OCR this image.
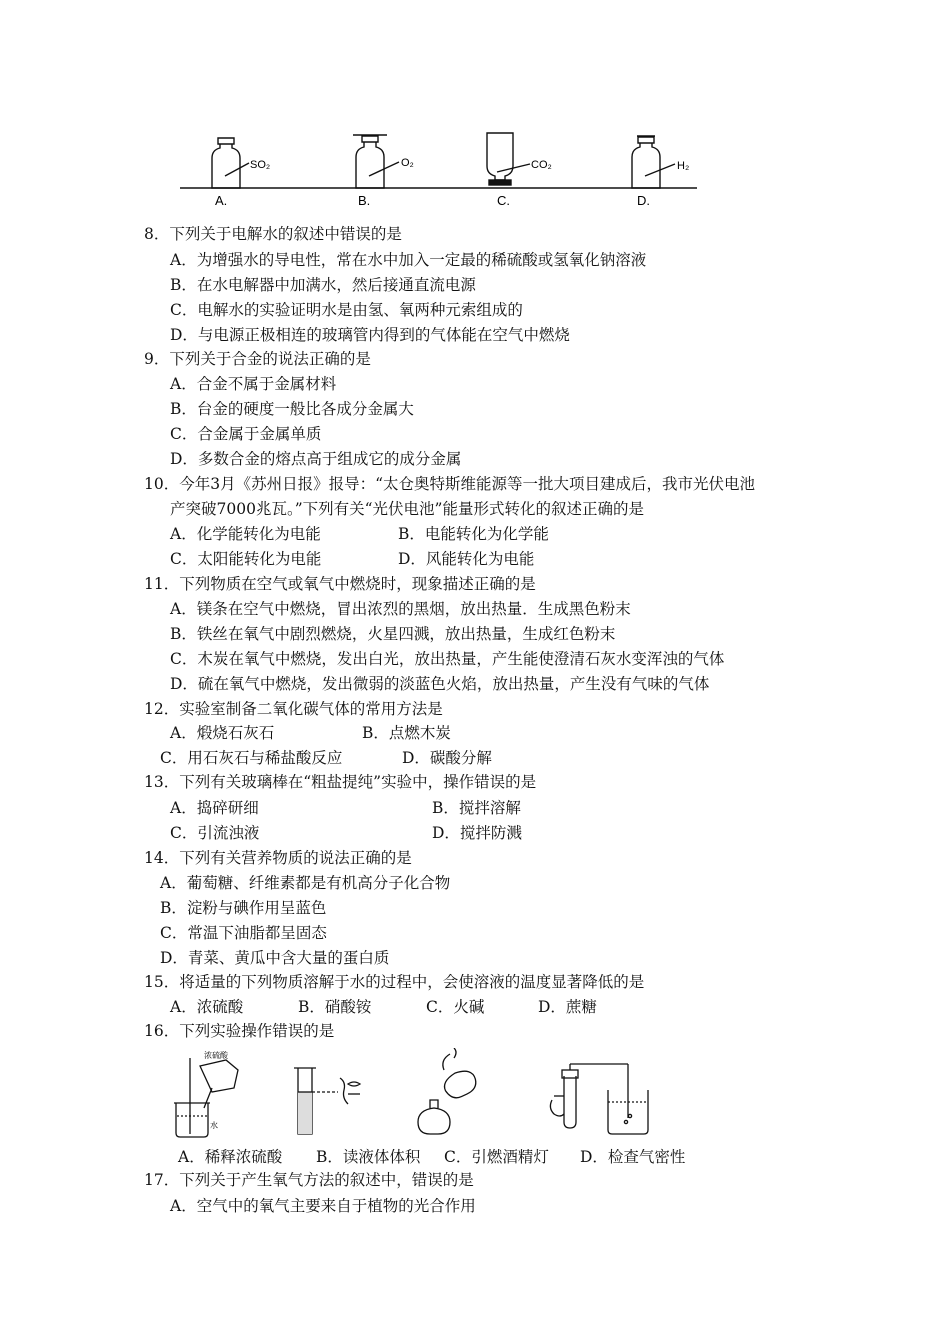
SO₂
A.
O₂
B.
CO₂
C.
H₂
D.
8．下列关于电解水的叙述中错误的是
A．为增强水的导电性，常在水中加入一定最的稀硫酸或氢氧化钠溶液
B．在水电解器中加满水，然后接通直流电源
C．电解水的实验证明水是由氢、氧两种元索组成的
D．与电源正极相连的玻璃管内得到的气体能在空气中燃烧
9．下列关于合金的说法正确的是
A．合金不属于金属材料
B．台金的硬度一般比各成分金属大
C．合金属于金属单质
D．多数合金的熔点高于组成它的成分金属
10．今年3月《苏州日报》报导：“太仓奥特斯维能源等一批大项目建成后，我市光伏电池
产突破7000兆瓦。”下列有关“光伏电池”能量形式转化的叙述正确的是
A．化学能转化为电能	B．电能转化为化学能
C．太阳能转化为电能	D．风能转化为电能
11．下列物质在空气或氧气中燃烧时，现象描述正确的是
A．镁条在空气中燃烧，冒出浓烈的黑烟，放出热量．生成黑色粉末
B．铁丝在氧气中剧烈燃烧，火星四溅，放出热量，生成红色粉末
C．木炭在氧气中燃烧，发出白光，放出热量，产生能使澄清石灰水变浑浊的气体
D．硫在氧气中燃烧，发出微弱的淡蓝色火焰，放出热量，产生没有气味的气体
12．实验室制备二氧化碳气体的常用方法是
A．煅烧石灰石	B．点燃木炭
C．用石灰石与稀盐酸反应	D．碳酸分解
13．下列有关玻璃棒在“粗盐提纯”实验中，操作错误的是
A．捣碎研细	B．搅拌溶解
C．引流浊液	D．搅拌防溅
14．下列有关营养物质的说法正确的是
A．葡萄糖、纤维素都是有机高分子化合物
B．淀粉与碘作用呈蓝色
C．常温下油脂都呈固态
D．青菜、黄瓜中含大量的蛋白质
15．将适量的下列物质溶解于水的过程中，会使溶液的温度显著降低的是
A．浓硫酸	B．硝酸铵	C．火碱	D．蔗糖
16．下列实验操作错误的是
浓硫酸
水
A．稀释浓硫酸 B．读液体体积 C．引燃酒精灯 D．检查气密性
17．下列关于产生氧气方法的叙述中，错误的是
A．空气中的氧气主要来自于植物的光合作用
